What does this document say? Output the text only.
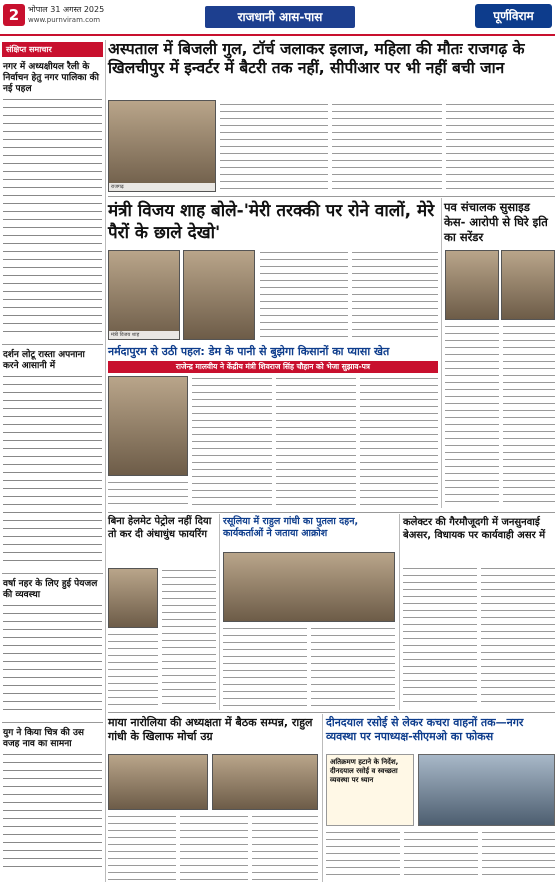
2	भोपाल 31 अगस्त 2025
www.purnviram.com	राजधानी आस-पास	पूर्णविराम
संक्षिप्त समाचार
नगर में अध्यक्षीयल रैली के निर्वाचन हेतु नगर पालिका की नई पहल
दर्शन लोटू रास्ता अपनाना करने आसानी में
वर्षा नहर के लिए हुई पेयजल की व्यवस्था
युग ने किया चित्र की उस वजह नाव का सामना
अस्पताल में बिजली गुल, टॉर्च जलाकर इलाज, महिला की मौतः राजगढ़ के खिलचीपुर में इन्वर्टर में बैटरी तक नहीं, सीपीआर पर भी नहीं बची जान
राजगढ़
मंत्री विजय शाह बोले-'मेरी तरक्की पर रोने वालों, मेरे पैरों के छाले देखो'
पव संचालक सुसाइड केस- आरोपी से घिरे इति का सरेंडर
मंत्री विजय शाह
नर्मदापुरम से उठी पहल: डेम के पानी से बुझेगा किसानों का प्यासा खेत
राजेन्द्र मालवीय ने केंद्रीय मंत्री शिवराज सिंह चौहान को भेजा सुझाव-पत्र
बिना हेलमेट पेट्रोल नहीं दिया तो कर दी अंधाधुंध फायरिंग
रसूलिया में राहुल गांधी का पुतला दहन, कार्यकर्ताओं ने जताया आक्रोश
कलेक्टर की गैरमौजूदगी में जनसुनवाई बेअसर, विधायक पर कार्यवाही असर में
माया नारोलिया की अध्यक्षता में बैठक सम्पन्न, राहुल गांधी के खिलाफ मोर्चा उग्र
दीनदयाल रसोई से लेकर कचरा वाहनों तक—नगर व्यवस्था पर नपाध्यक्ष-सीएमओ का फोकस
अतिक्रमण हटाने के निर्देश, दीनदयाल रसोई व स्वच्छता व्यवस्था पर ध्यान
